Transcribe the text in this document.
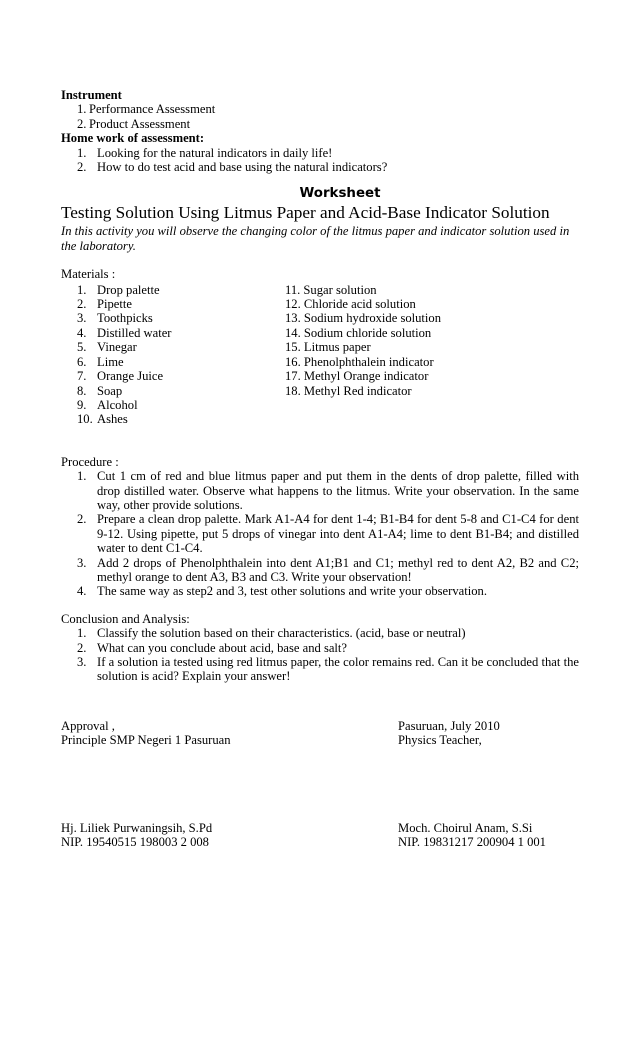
Instrument
1. Performance Assessment
2. Product Assessment
Home work of assessment:
1. Looking for the natural indicators in daily life!
2. How to do test acid and base using the natural indicators?
Worksheet
Testing Solution Using Litmus Paper and Acid-Base Indicator Solution
In this activity you will observe the changing color of the litmus paper and indicator solution used in the laboratory.
Materials :
1. Drop palette
2. Pipette
3. Toothpicks
4. Distilled water
5. Vinegar
6. Lime
7. Orange Juice
8. Soap
9. Alcohol
10. Ashes
11. Sugar solution
12. Chloride acid solution
13. Sodium hydroxide solution
14. Sodium chloride solution
15. Litmus paper
16. Phenolphthalein indicator
17. Methyl Orange indicator
18. Methyl Red indicator
Procedure :
1. Cut 1 cm of red and blue litmus paper and put them in the dents of drop palette, filled with drop distilled water. Observe what happens to the litmus. Write your observation. In the same way, other provide solutions.
2. Prepare a clean drop palette. Mark A1-A4 for dent 1-4; B1-B4 for dent 5-8 and C1-C4 for dent 9-12. Using pipette, put 5 drops of vinegar into dent A1-A4; lime to dent B1-B4; and distilled water to dent C1-C4.
3. Add 2 drops of Phenolphthalein into dent A1;B1 and C1; methyl red to dent A2, B2 and C2; methyl orange to dent A3, B3 and C3. Write your observation!
4. The same way as step2 and 3, test other solutions and write your observation.
Conclusion and Analysis:
1. Classify the solution based on their characteristics. (acid, base or neutral)
2. What can you conclude about acid, base and salt?
3. If a solution ia tested using red litmus paper, the color remains red. Can it be concluded that the solution is acid? Explain your answer!
Approval ,	Pasuruan, July 2010
Principle SMP Negeri 1 Pasuruan	Physics Teacher,
Hj. Liliek Purwaningsih, S.Pd	Moch. Choirul Anam, S.Si
NIP. 19540515 198003 2 008	NIP. 19831217 200904 1 001
